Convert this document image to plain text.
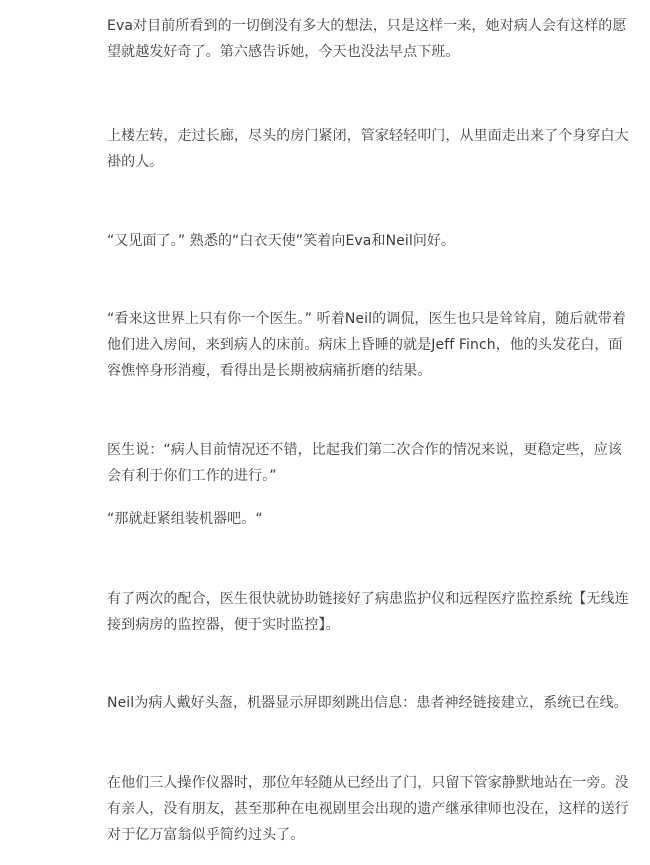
Eva对目前所看到的一切倒没有多大的想法，只是这样一来，她对病人会有这样的愿望就越发好奇了。第六感告诉她，今天也没法早点下班。

上楼左转，走过长廊，尽头的房门紧闭，管家轻轻叩门，从里面走出来了个身穿白大褂的人。

“又见面了。” 熟悉的“白衣天使”笑着向Eva和Neil问好。

“看来这世界上只有你一个医生。” 听着Neil的调侃，医生也只是耸耸肩，随后就带着他们进入房间，来到病人的床前。病床上昏睡的就是Jeff Finch，他的头发花白，面容憔悴身形消瘦，看得出是长期被病痛折磨的结果。

医生说：“病人目前情况还不错，比起我们第二次合作的情况来说，更稳定些，应该会有利于你们工作的进行。”

“那就赶紧组装机器吧。“

有了两次的配合，医生很快就协助链接好了病患监护仪和远程医疗监控系统【无线连接到病房的监控器，便于实时监控】。

Neil为病人戴好头盔，机器显示屏即刻跳出信息：患者神经链接建立，系统已在线。

在他们三人操作仪器时，那位年轻随从已经出了门，只留下管家静默地站在一旁。没有亲人，没有朋友，甚至那种在电视剧里会出现的遗产继承律师也没在，这样的送行对于亿万富翁似乎简约过头了。
